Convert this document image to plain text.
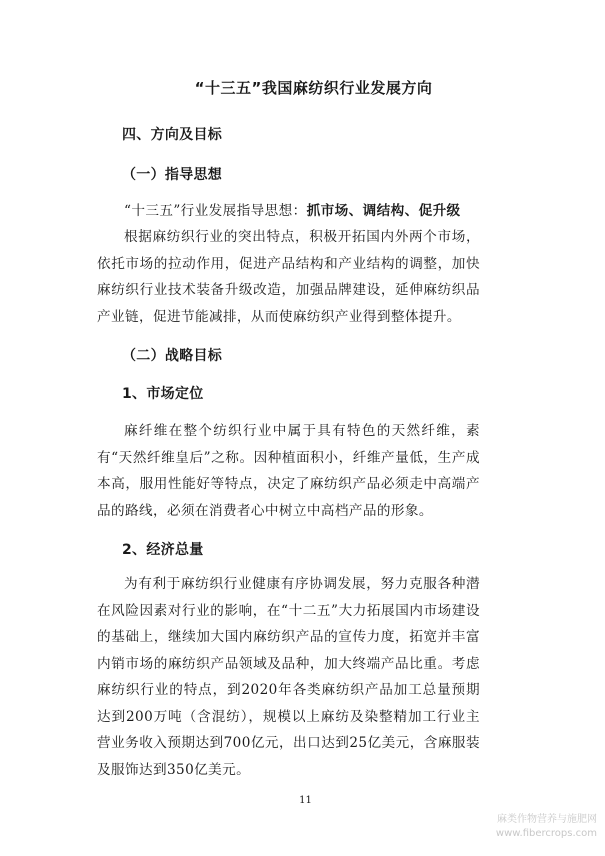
“十三五”我国麻纺织行业发展方向
四、方向及目标
（一）指导思想

“十三五”行业发展指导思想：抓市场、调结构、促升级

根据麻纺织行业的突出特点，积极开拓国内外两个市场，依托市场的拉动作用，促进产品结构和产业结构的调整，加快麻纺织行业技术装备升级改造，加强品牌建设，延伸麻纺织品产业链，促进节能减排，从而使麻纺织产业得到整体提升。

（二）战略目标
1、市场定位

麻纤维在整个纺织行业中属于具有特色的天然纤维，素有“天然纤维皇后”之称。因种植面积小，纤维产量低，生产成本高，服用性能好等特点，决定了麻纺织产品必须走中高端产品的路线，必须在消费者心中树立中高档产品的形象。

2、经济总量

为有利于麻纺织行业健康有序协调发展，努力克服各种潜在风险因素对行业的影响，在“十二五”大力拓展国内市场建设的基础上，继续加大国内麻纺织产品的宣传力度，拓宽并丰富内销市场的麻纺织产品领域及品种，加大终端产品比重。考虑麻纺织行业的特点，到2020年各类麻纺织产品加工总量预期达到200万吨（含混纺），规模以上麻纺及染整精加工行业主营业务收入预期达到700亿元，出口达到25亿美元，含麻服装及服饰达到350亿美元。

11
麻类作物营养与施肥网
www.fibercrops.com
